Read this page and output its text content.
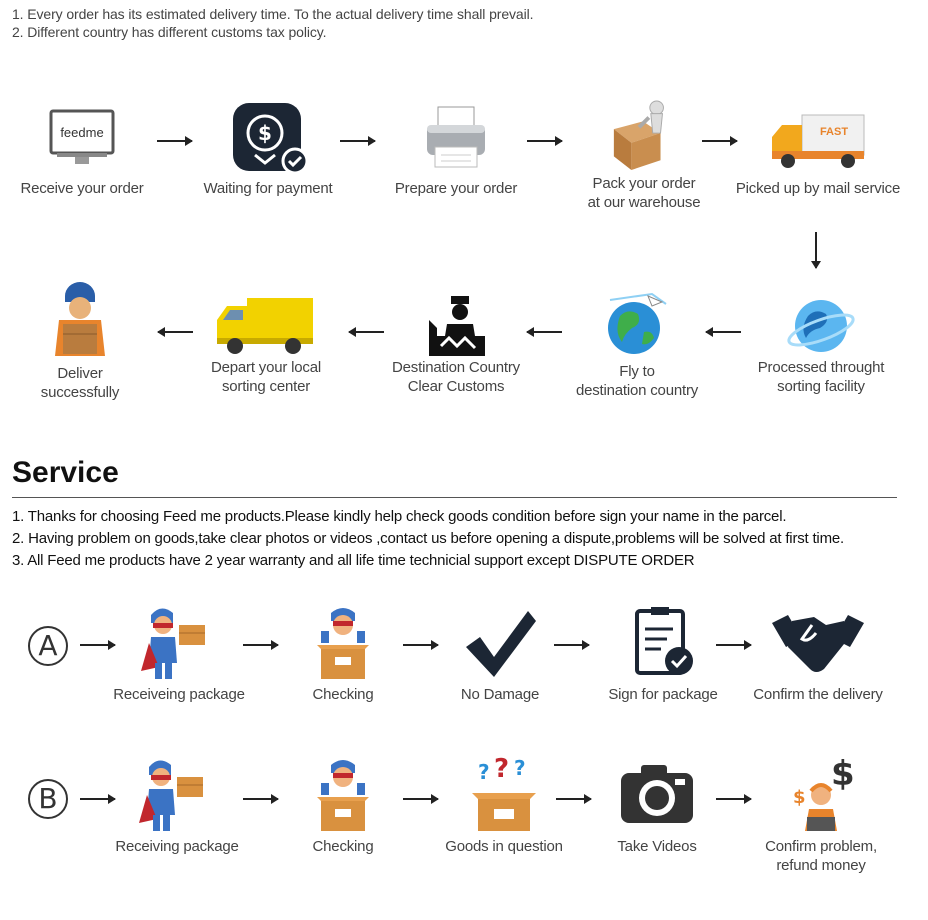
1. Every order has its estimated delivery time. To the actual delivery time shall prevail.
2. Different country has different customs tax policy.
feedme
Receive your order
$
Waiting for payment	Prepare your order	Pack your order
at our warehouse
FAST
Picked up by mail service
Deliver
successfully
Depart your local
sorting center
Destination Country
Clear Customs
Fly to
destination country
Processed throught
sorting facility
Service
1. Thanks for choosing Feed me products.Please kindly help check goods condition before sign your name in the parcel.
2. Having problem on goods,take clear photos or videos ,contact us before opening a dispute,problems will be solved at first time.
3. All Feed me products have 2 year warranty and all life time technicial support except DISPUTE ORDER
A
Receiveing package	Checking	No Damage	Sign for package	Confirm the delivery
B
Receiving package	Checking
? ? ?
Goods in question	Take Videos
$
$
Confirm problem,
refund money
